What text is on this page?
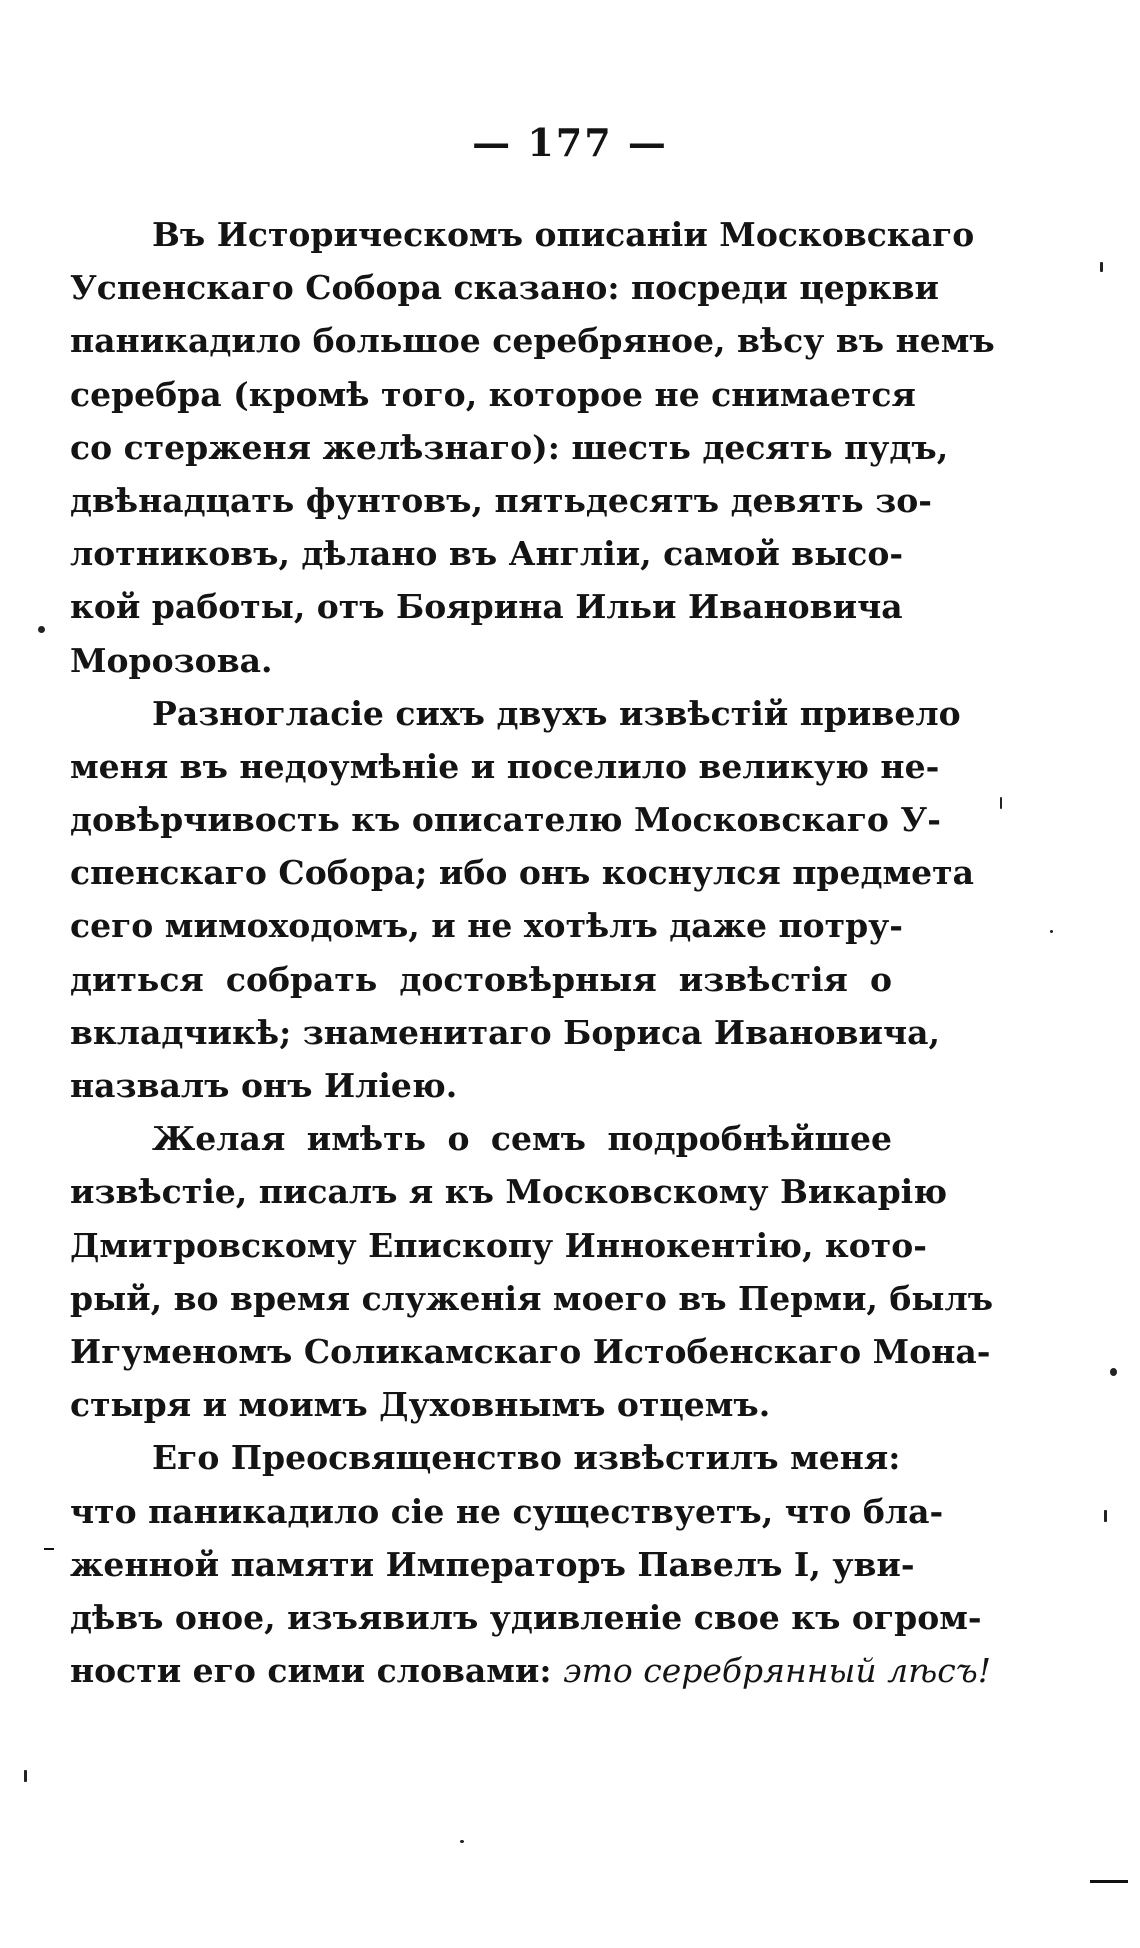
— 177 —
Въ Историческомъ описаніи Московскаго
Успенскаго Собора сказано: посреди церкви
паникадило большое серебряное, вѣсу въ немъ
серебра (кромѣ того, которое не снимается
со стерженя желѣзнаго): шесть десять пудъ,
двѣнадцать фунтовъ, пятьдесятъ девять зо-
лотниковъ, дѣлано въ Англіи, самой высо-
кой работы, отъ Боярина Ильи Ивановича
Морозова.
Разногласіе сихъ двухъ извѣстій привело
меня въ недоумѣніе и поселило великую не-
довѣрчивость къ описателю Московскаго У-
спенскаго Собора; ибо онъ коснулся предмета
сего мимоходомъ, и не хотѣлъ даже потру-
диться собрать достовѣрныя извѣстія о
вкладчикѣ; знаменитаго Бориса Ивановича,
назвалъ онъ Иліею.
Желая имѣть о семъ подробнѣйшее
извѣстіе, писалъ я къ Московскому Викарію
Дмитровскому Епископу Иннокентію, кото-
рый, во время служенія моего въ Перми, былъ
Игуменомъ Соликамскаго Истобенскаго Мона-
стыря и моимъ Духовнымъ отцемъ.
Его Преосвященство извѣстилъ меня:
что паникадило сіе не существуетъ, что бла-
женной памяти Императоръ Павелъ I, уви-
дѣвъ оное, изъявилъ удивленіе свое къ огром-
ности его сими словами: это серебрянный лѣсъ!
